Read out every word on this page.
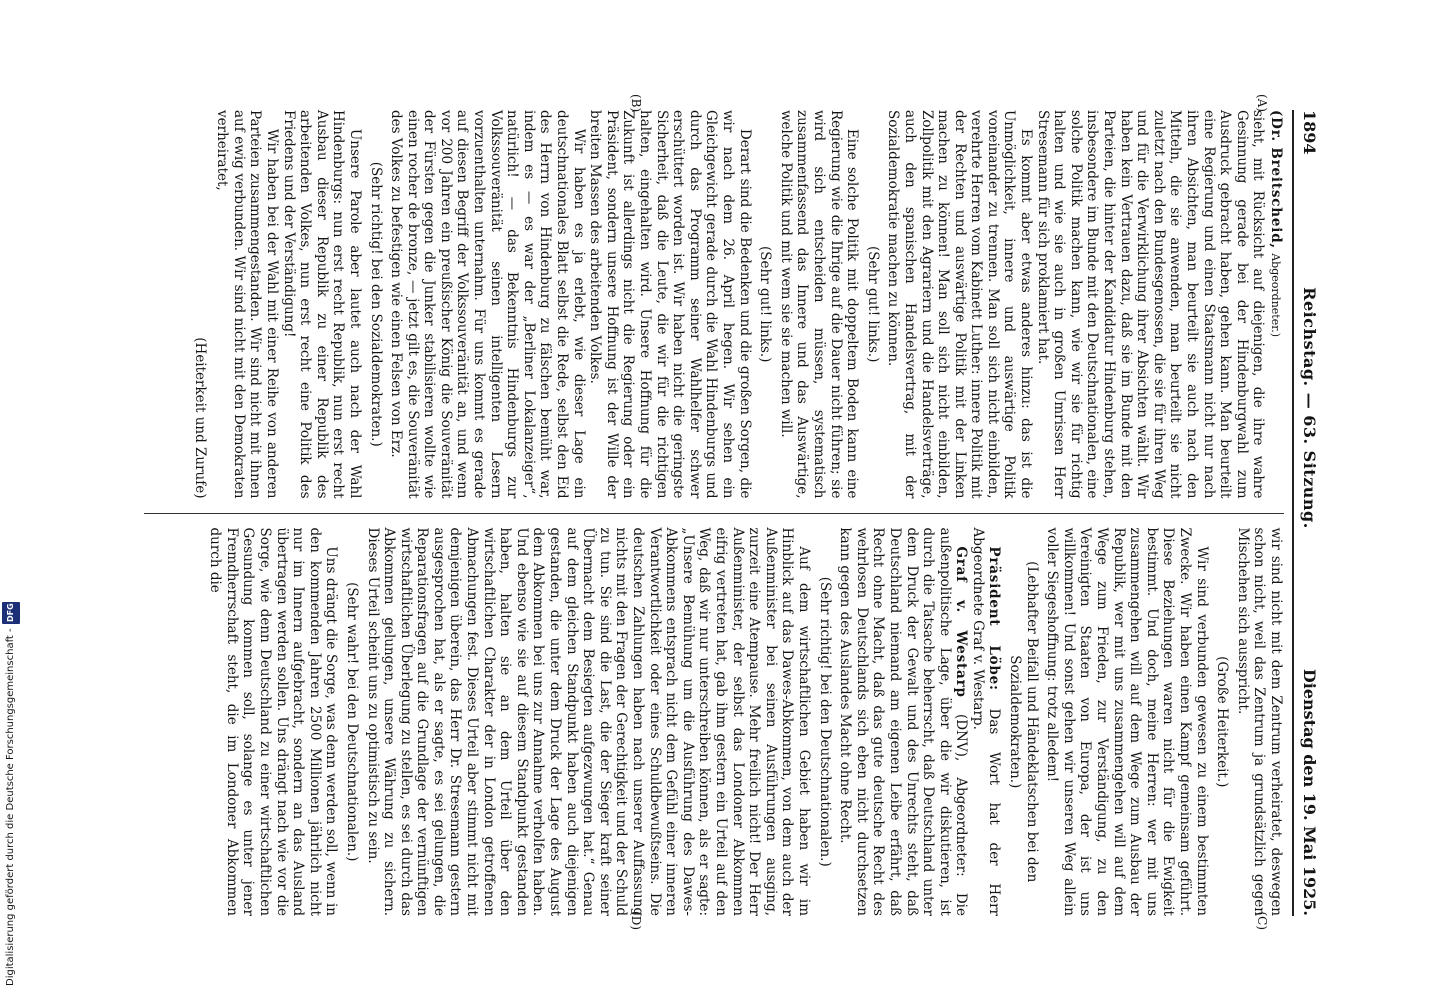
Digitalisierung gefördert durch die Deutsche Forschungsgemeinschaft -
DFG
1894
Reichstag. — 63. Sitzung.
Dienstag den 19. Mai 1925.
(A)
(B)

(Dr. Breitscheid, Abgeordneter.)

sieht, mit Rücksicht auf diejenigen, die ihre wahre Gesinnung gerade bei der Hindenburgwahl zum Ausdruck gebracht haben, gehen kann. Man beurteilt eine Regierung und einen Staatsmann nicht nur nach ihren Absichten, man beurteilt sie auch nach den Mitteln, die sie anwenden, man beurteilt sie nicht zuletzt nach den Bundesgenossen, die sie für ihren Weg und für die Verwirklichung ihrer Absichten wählt. Wir haben kein Vertrauen dazu, daß sie im Bunde mit den Parteien, die hinter der Kandidatur Hindenburg stehen, insbesondere im Bunde mit den Deutschnationalen, eine solche Politik machen kann, wie wir sie für richtig halten und wie sie auch in großen Umrissen Herr Stresemann für sich proklamiert hat.

Es kommt aber etwas anderes hinzu: das ist die Unmöglichkeit, innere und auswärtige Politik voneinander zu trennen. Man soll sich nicht einbilden, verehrte Herren vom Kabinett Luther: innere Politik mit der Rechten und auswärtige Politik mit der Linken machen zu können! Man soll sich nicht einbilden, Zollpolitik mit den Agrariern und die Handelsverträge, auch den spanischen Handelsvertrag, mit der Sozialdemokratie machen zu können.

(Sehr gut! links.)

Eine solche Politik mit doppeltem Boden kann eine Regierung wie die Ihrige auf die Dauer nicht führen; sie wird sich entscheiden müssen, systematisch zusammenfassend das Innere und das Auswärtige, welche Politik und mit wem sie sie machen will.

(Sehr gut! links.)

Derart sind die Bedenken und die großen Sorgen, die wir nach dem 26. April hegen. Wir sehen ein Gleichgewicht gerade durch die Wahl Hindenburgs und durch das Programm seiner Wahlhelfer schwer erschüttert worden ist. Wir haben nicht die geringste Sicherheit, daß die Leute, die wir für die richtigen halten, eingehalten wird. Unsere Hoffnung für die Zukunft ist allerdings nicht die Regierung oder ein Präsident, sondern unsere Hoffnung ist der Wille der breiten Massen des arbeitenden Volkes.

Wir haben es ja erlebt, wie dieser Lage ein deutschnationales Blatt selbst die Rede, selbst den Eid des Herrn von Hindenburg zu fälschen bemüht war, indem es — es war der „Berliner Lokalanzeiger“, natürlich! — das Bekenntnis Hindenburgs zur Volkssouveränität seinen intelligenten Lesern vorzuenthalten unternahm. Für uns kommt es gerade auf diesen Begriff der Volkssouveränität an, und wenn vor 200 Jahren ein preußischer König die Souveränität der Fürsten gegen die Junker stabilisieren wollte wie einen rocher de bronze, — jetzt gilt es, die Souveränität des Volkes zu befestigen wie einen Felsen von Erz.

(Sehr richtig! bei den Sozialdemokraten.)

Unsere Parole aber lautet auch nach der Wahl Hindenburgs: nun erst recht Republik, nun erst recht Ausbau dieser Republik zu einer Republik des arbeitenden Volkes, nun erst recht eine Politik des Friedens und der Verständigung!

Wir haben bei der Wahl mit einer Reihe von anderen Parteien zusammengestanden. Wir sind nicht mit ihnen auf ewig verbunden. Wir sind nicht mit den Demokraten verheiratet,

(Heiterkeit und Zurufe)

(C)
(D)

wir sind nicht mit dem Zentrum verheiratet, deswegen schon nicht, weil das Zentrum ja grundsätzlich gegen Mischehen sich ausspricht.

(Große Heiterkeit.)

Wir sind verbunden gewesen zu einem bestimmten Zwecke. Wir haben einen Kampf gemeinsam geführt. Diese Beziehungen waren nicht für die Ewigkeit bestimmt. Und doch, meine Herren: wer mit uns zusammengehen will auf dem Wege zum Ausbau der Republik, wer mit uns zusammengehen will auf dem Wege zum Frieden, zur Verständigung, zu den Vereinigten Staaten von Europa, der ist uns willkommen! Und sonst gehen wir unseren Weg allein voller Siegeshoffnung: trotz alledem!

(Lebhafter Beifall und Händeklatschen bei den Sozialdemokraten.)

Präsident Löbe: Das Wort hat der Herr Abgeordnete Graf v. Westarp.

Graf v. Westarp (DNV), Abgeordneter: Die außenpolitische Lage, über die wir diskutieren, ist durch die Tatsache beherrscht, daß Deutschland unter dem Druck der Gewalt und des Unrechts steht, daß Deutschland niemand am eigenen Leibe erfährt, daß Recht ohne Macht, daß das gute deutsche Recht des wehrlosen Deutschlands sich eben nicht durchsetzen kann gegen des Auslandes Macht ohne Recht.

(Sehr richtig! bei den Deutschnationalen.)

Auf dem wirtschaftlichen Gebiet haben wir im Hinblick auf das Dawes-Abkommen, von dem auch der Außenminister bei seinen Ausführungen ausging, zurzeit eine Atempause. Mehr freilich nicht! Der Herr Außenminister, der selbst das Londoner Abkommen eifrig vertreten hat, gab ihm gestern ein Urteil auf den Weg, daß wir nur unterschreiben können, als er sagte: „Unsere Bemühung um die Ausführung des Dawes-Abkommens entsprach nicht dem Gefühl einer inneren Verantwortlichkeit oder eines Schuldbewußtseins. Die deutschen Zahlungen haben nach unserer Auffassung nichts mit den Fragen der Gerechtigkeit und der Schuld zu tun. Sie sind die Last, die der Sieger kraft seiner Übermacht dem Besiegten aufgezwungen hat.“ Genau auf dem gleichen Standpunkt haben auch diejenigen gestanden, die unter dem Druck der Lage des August dem Abkommen bei uns zur Annahme verholfen haben. Und ebenso wie sie auf diesem Standpunkt gestanden haben, halten sie an dem Urteil über den wirtschaftlichen Charakter der in London getroffenen Abmachungen fest. Dieses Urteil aber stimmt nicht mit demjenigen überein, das Herr Dr. Stresemann gestern ausgesprochen hat, als er sagte, es sei gelungen, die Reparationsfragen auf die Grundlage der vernünftigen wirtschaftlichen Überlegung zu stellen, es sei durch das Abkommen gelungen, unsere Währung zu sichern. Dieses Urteil scheint uns zu optimistisch zu sein.

(Sehr wahr! bei den Deutschnationalen.)

Uns drängt die Sorge, was denn werden soll, wenn in den kommenden Jahren 2500 Millionen jährlich nicht nur im Innern aufgebracht, sondern an das Ausland übertragen werden sollen. Uns drängt nach wie vor die Sorge, wie denn Deutschland zu einer wirtschaftlichen Gesundung kommen soll, solange es unter jener Fremdherrschaft steht, die im Londoner Abkommen durch die
